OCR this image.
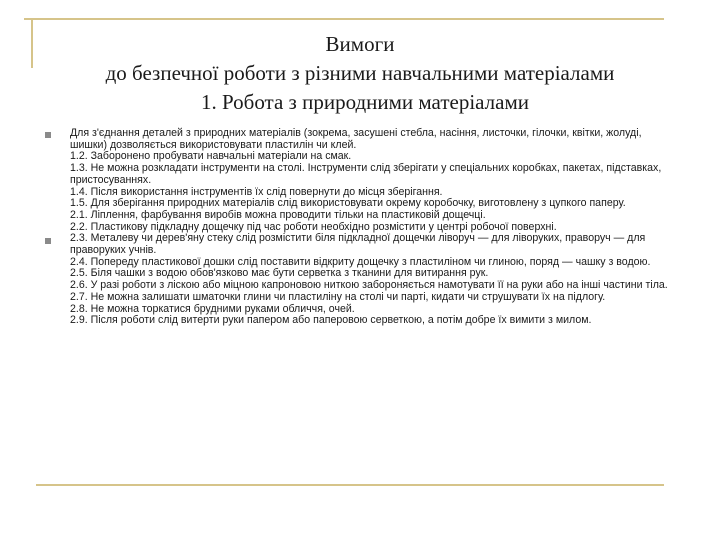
Вимоги
до безпечної роботи з різними навчальними матеріалами
1. Робота з природними матеріалами

Для з'єднання деталей з природних матеріалів (зокрема, засушені стебла, насіння, листочки, гілочки, квітки, жолуді, шишки) дозволяється використовувати пластилін чи клей.

1.2. Заборонено пробувати навчальні матеріали на смак.

1.3. Не можна розкладати інструменти на столі. Інструменти слід зберігати у спеціальних коробках, пакетах, підставках, пристосуваннях.

1.4. Після використання інструментів їх слід повернути до місця зберігання.

1.5. Для зберігання природних матеріалів слід використовувати окрему коробочку, виготовлену з цупкого паперу.

2.1. Ліплення, фарбування виробів можна проводити тільки на пластиковій дощечці.

2.2. Пластикову підкладну дощечку під час роботи необхідно розмістити у центрі робочої поверхні.

2.3. Металеву чи дерев'яну стеку слід розмістити біля підкладної дощечки ліворуч — для ліворуких, праворуч — для праворуких учнів.

2.4. Попереду пластикової дошки слід поставити відкриту дощечку з пластиліном чи глиною, поряд — чашку з водою.

2.5. Біля чашки з водою обов'язково має бути серветка з тканини для витирання рук.

2.6. У разі роботи з ліскою або міцною капроновою ниткою забороняється намотувати її на руки або на інші частини тіла.

2.7. Не можна залишати шматочки глини чи пластиліну на столі чи парті, кидати чи струшувати їх на підлогу.

2.8. Не можна торкатися брудними руками обличчя, очей.

2.9. Після роботи слід витерти руки папером або паперовою серветкою, а потім добре їх вимити з милом.
